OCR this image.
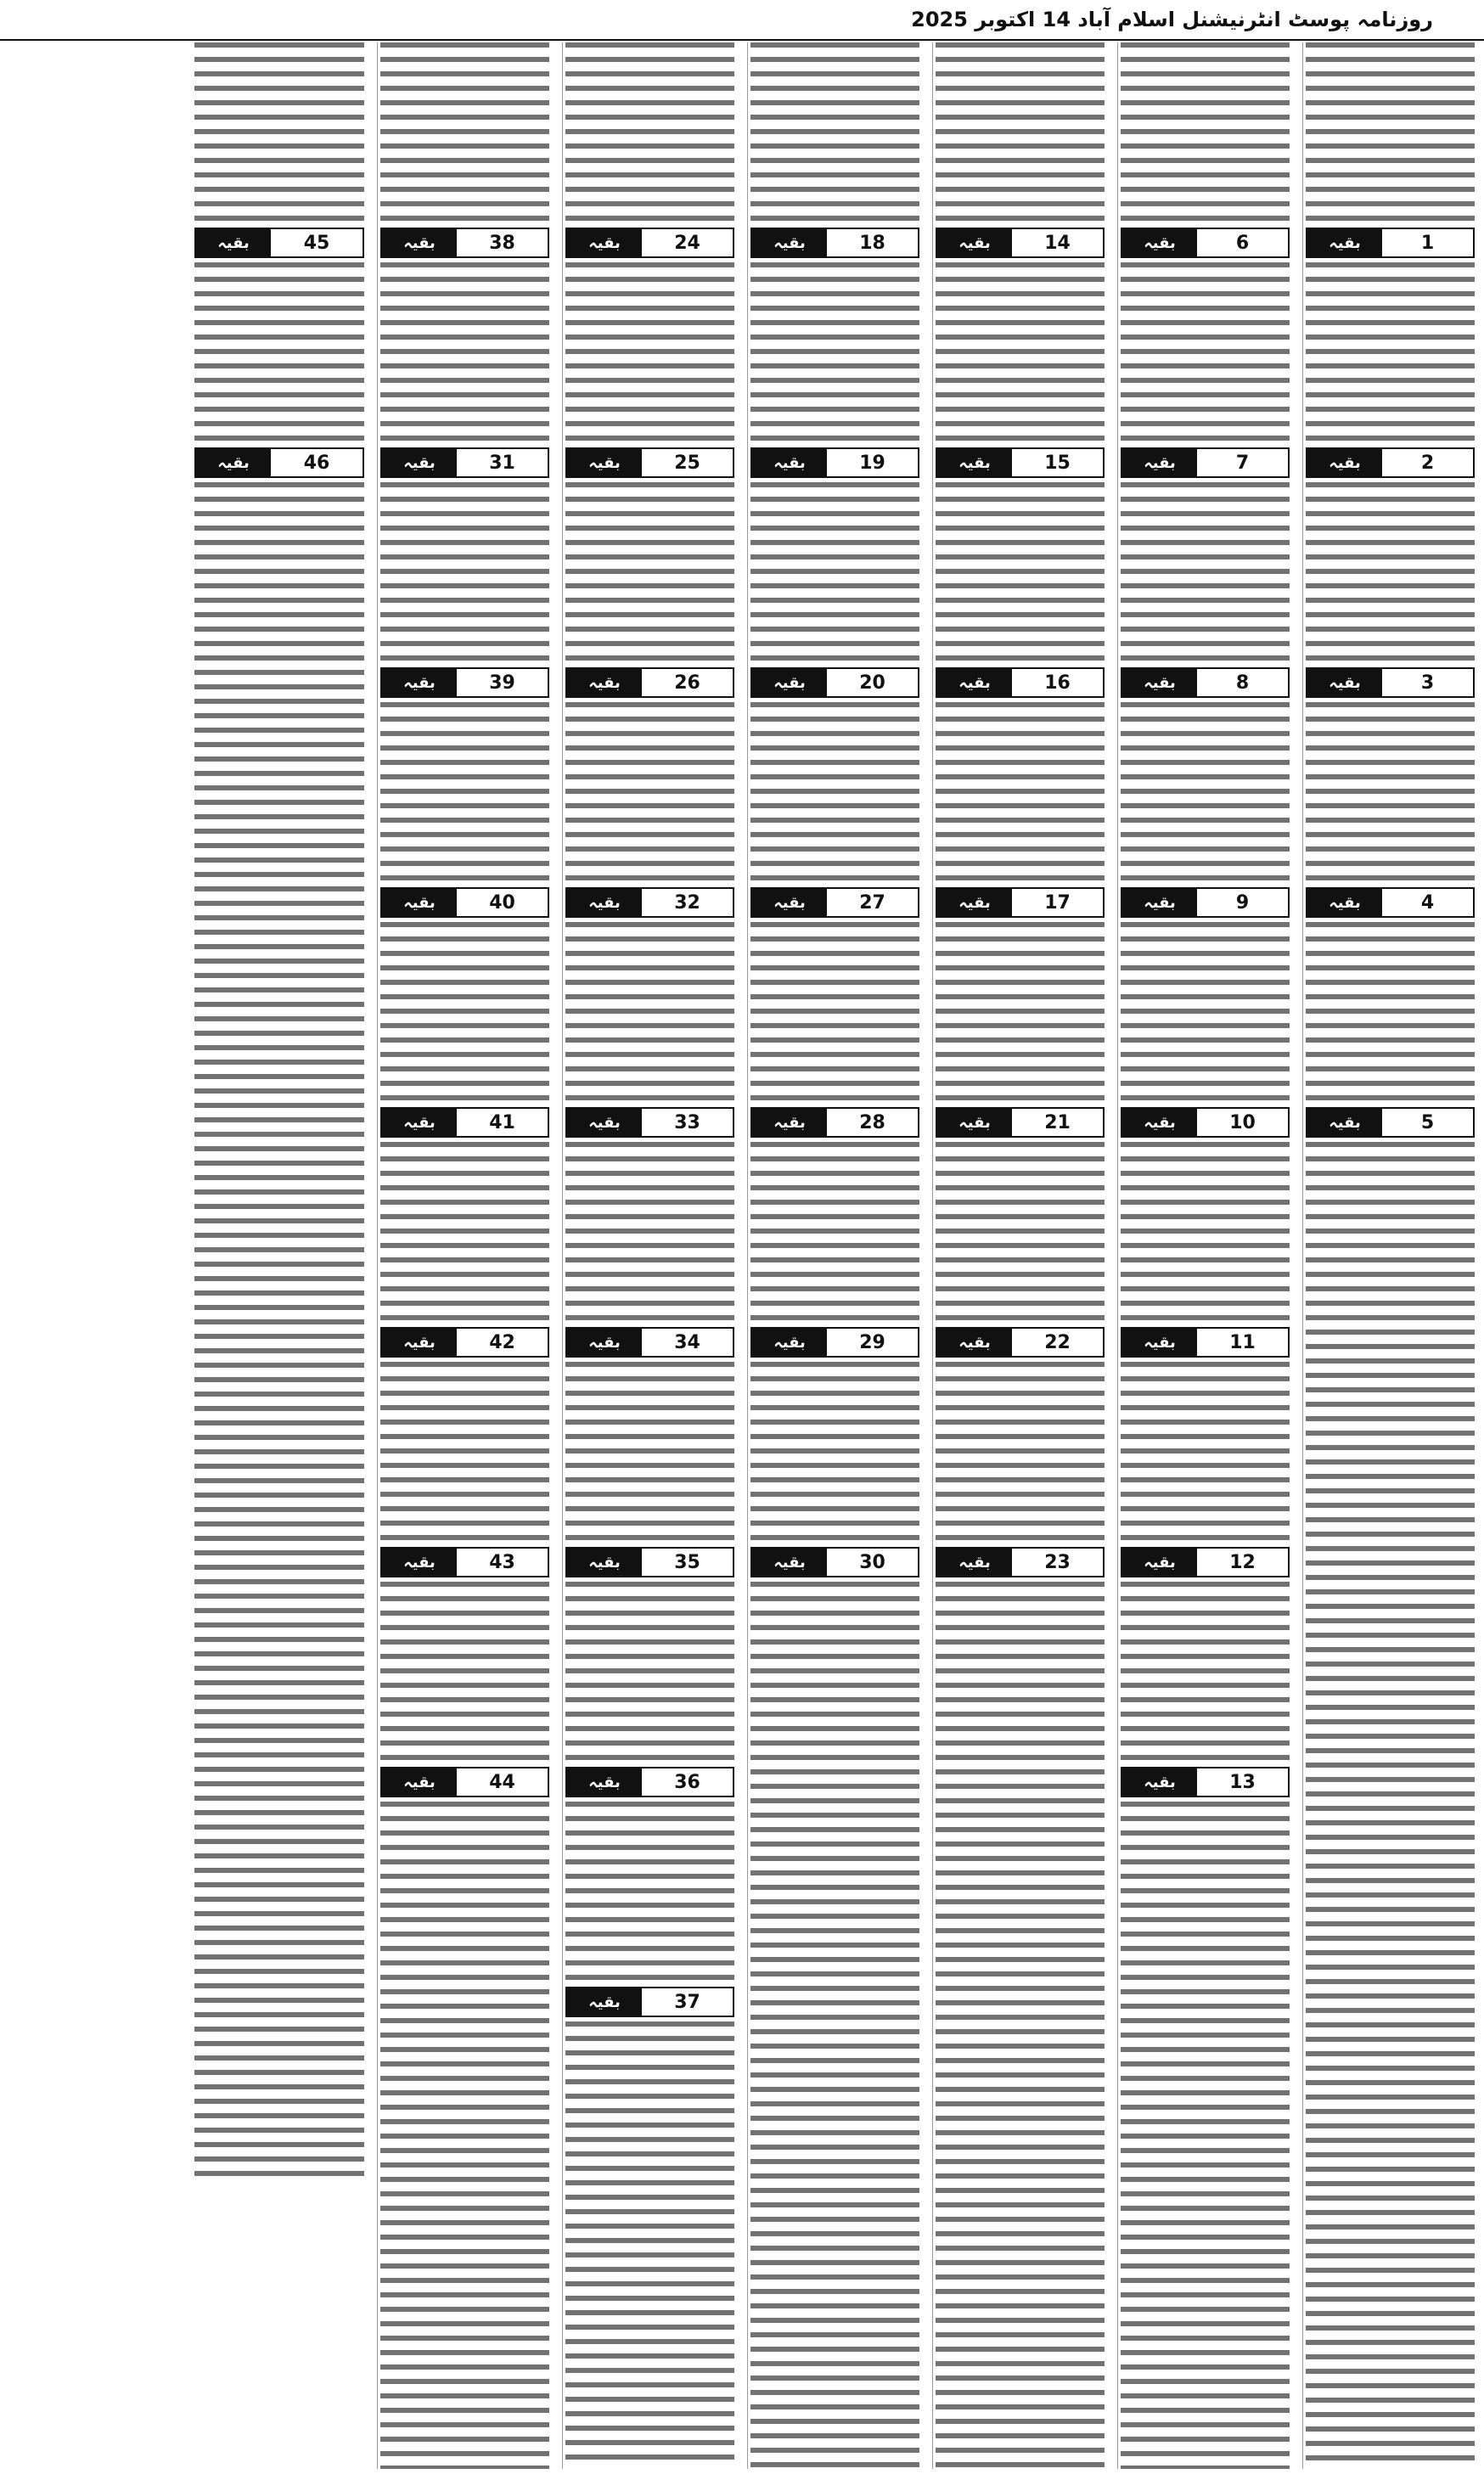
روزنامہ پوسٹ انٹرنیشنل اسلام آباد 14 اکتوبر 2025
بقیہ	1
بقیہ	2
بقیہ	3
بقیہ	4
بقیہ	5
بقیہ	6
بقیہ	7
بقیہ	8
بقیہ	9
بقیہ	10
بقیہ	11
بقیہ	12
بقیہ	13
بقیہ	14
بقیہ	15
بقیہ	16
بقیہ	17
بقیہ	21
بقیہ	22
بقیہ	23
بقیہ	18
بقیہ	19
بقیہ	20
بقیہ	27
بقیہ	28
بقیہ	29
بقیہ	30
بقیہ	24
بقیہ	25
بقیہ	26
بقیہ	32
بقیہ	33
بقیہ	34
بقیہ	35
بقیہ	36
بقیہ	37
بقیہ	38
بقیہ	31
بقیہ	39
بقیہ	40
بقیہ	41
بقیہ	42
بقیہ	43
بقیہ	44
بقیہ	45
بقیہ	46
